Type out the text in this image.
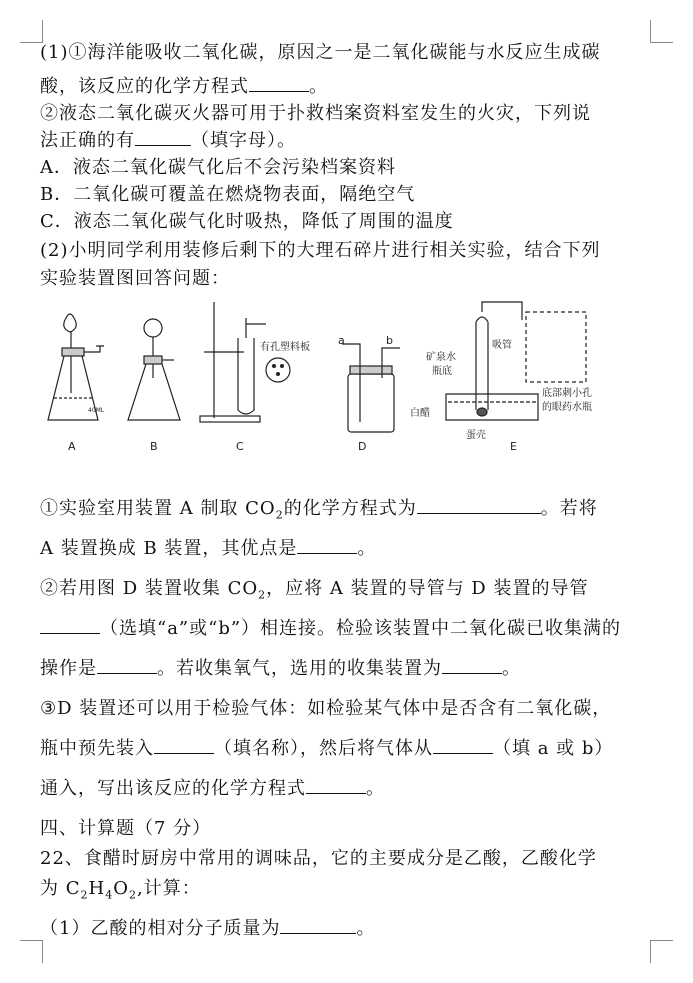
(1)①海洋能吸收二氧化碳，原因之一是二氧化碳能与水反应生成碳
酸，该反应的化学方程式	。
②液态二氧化碳灭火器可用于扑救档案资料室发生的火灾，下列说
法正确的有	（填字母）。
A．液态二氧化碳气化后不会污染档案资料
B．二氧化碳可覆盖在燃烧物表面，隔绝空气
C．液态二氧化碳气化时吸热，降低了周围的温度
(2)小明同学利用装修后剩下的大理石碎片进行相关实验，结合下列
实验装置图回答问题：
40ML
A	B
有孔塑料板
C
a	b
D
矿泉水
瓶底
吸管
白醋
蛋壳
底部刺小孔
的眼药水瓶
E
①实验室用装置 A 制取 $CO_2$的化学方程式为	。若将
A 装置换成 B 装置，其优点是	。
②若用图 D 装置收集 $CO_2$，应将 A 装置的导管与 D 装置的导管
（选填“a”或“b”）相连接。检验该装置中二氧化碳已收集满的
操作是	。若收集氧气，选用的收集装置为	。
③D 装置还可以用于检验气体：如检验某气体中是否含有二氧化碳，
瓶中预先装入	（填名称），然后将气体从	（填 a 或 b）
通入，写出该反应的化学方程式	。
四、计算题（7 分）
22、食醋时厨房中常用的调味品，它的主要成分是乙酸，乙酸化学
为 $C_2H_4O_2$,计算：
（1）乙酸的相对分子质量为	。
